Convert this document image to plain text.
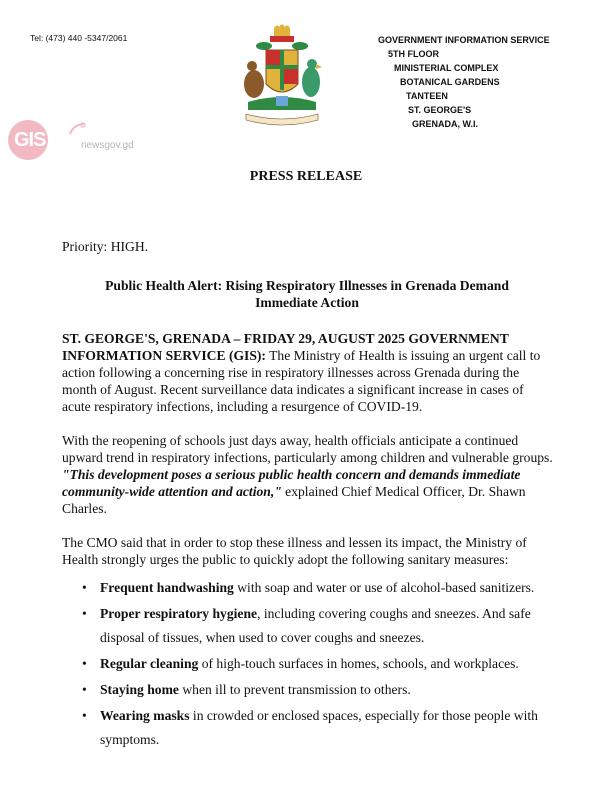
Tel: (473) 440 -5347/2061	GOVERNMENT INFORMATION SERVICE
5TH FLOOR
MINISTERIAL COMPLEX
BOTANICAL GARDENS
TANTEEN
ST. GEORGE'S
GRENADA, W.I.
GIS	newsgov.gd
PRESS RELEASE
Priority: HIGH.
Public Health Alert: Rising Respiratory Illnesses in Grenada Demand
Immediate Action
ST. GEORGE'S, GRENADA – FRIDAY 29, AUGUST 2025 GOVERNMENT INFORMATION SERVICE (GIS): The Ministry of Health is issuing an urgent call to action following a concerning rise in respiratory illnesses across Grenada during the month of August. Recent surveillance data indicates a significant increase in cases of acute respiratory infections, including a resurgence of COVID-19.
With the reopening of schools just days away, health officials anticipate a continued upward trend in respiratory infections, particularly among children and vulnerable groups. "This development poses a serious public health concern and demands immediate community-wide attention and action," explained Chief Medical Officer, Dr. Shawn Charles.
The CMO said that in order to stop these illness and lessen its impact, the Ministry of Health strongly urges the public to quickly adopt the following sanitary measures:
• Frequent handwashing with soap and water or use of alcohol-based sanitizers.
• Proper respiratory hygiene, including covering coughs and sneezes. And safe disposal of tissues, when used to cover coughs and sneezes.
• Regular cleaning of high-touch surfaces in homes, schools, and workplaces.
• Staying home when ill to prevent transmission to others.
• Wearing masks in crowded or enclosed spaces, especially for those people with symptoms.
